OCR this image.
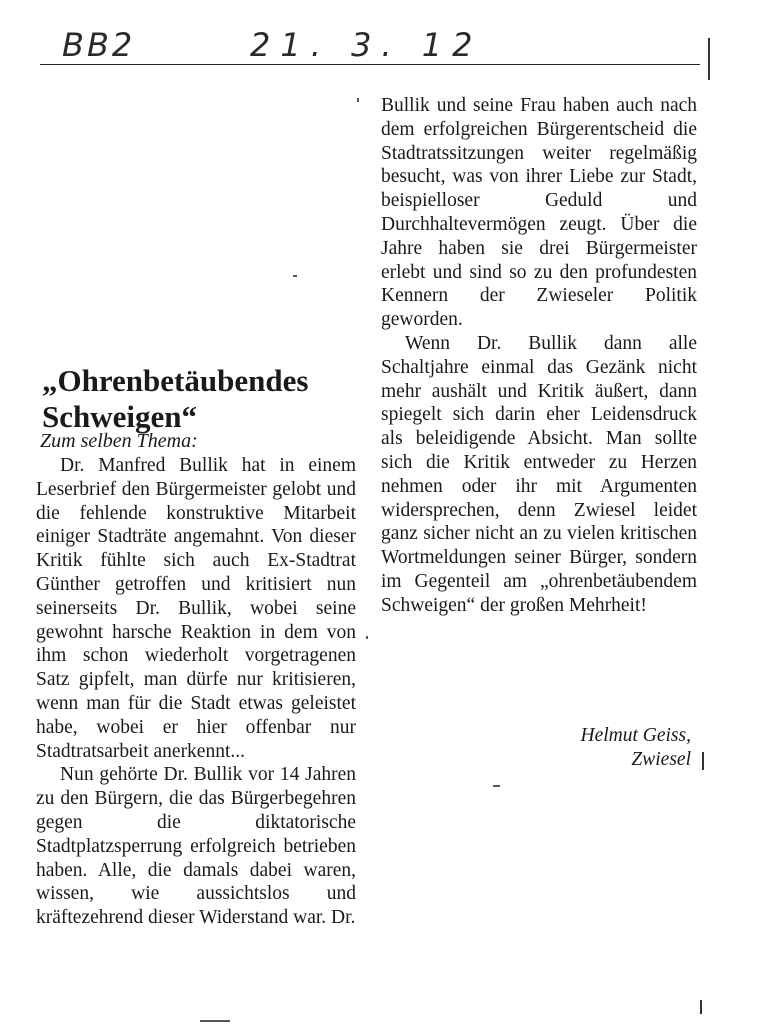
BB2	21. 3. 12
„Ohrenbetäubendes Schweigen“

Zum selben Thema:

Dr. Manfred Bullik hat in einem Leserbrief den Bürgermeister gelobt und die fehlende konstruktive Mitarbeit einiger Stadträte angemahnt. Von dieser Kritik fühlte sich auch Ex-Stadtrat Günther getroffen und kritisiert nun seinerseits Dr. Bullik, wobei seine gewohnt harsche Reaktion in dem von ihm schon wiederholt vorgetragenen Satz gipfelt, man dürfe nur kritisieren, wenn man für die Stadt etwas geleistet habe, wobei er hier offenbar nur Stadtratsarbeit anerkennt...

Nun gehörte Dr. Bullik vor 14 Jahren zu den Bürgern, die das Bürgerbegehren gegen die diktatorische Stadtplatzsperrung erfolgreich betrieben haben. Alle, die damals dabei waren, wissen, wie aussichtslos und kräftezehrend dieser Widerstand war. Dr.

Bullik und seine Frau haben auch nach dem erfolgreichen Bürgerentscheid die Stadtratssitzungen weiter regelmäßig besucht, was von ihrer Liebe zur Stadt, beispielloser Geduld und Durchhaltevermögen zeugt. Über die Jahre haben sie drei Bürgermeister erlebt und sind so zu den profundesten Kennern der Zwieseler Politik geworden.

Wenn Dr. Bullik dann alle Schaltjahre einmal das Gezänk nicht mehr aushält und Kritik äußert, dann spiegelt sich darin eher Leidensdruck als beleidigende Absicht. Man sollte sich die Kritik entweder zu Herzen nehmen oder ihr mit Argumenten widersprechen, denn Zwiesel leidet ganz sicher nicht an zu vielen kritischen Wortmeldungen seiner Bürger, sondern im Gegenteil am „ohrenbetäubendem Schweigen“ der großen Mehrheit!

Helmut Geiss,
Zwiesel
